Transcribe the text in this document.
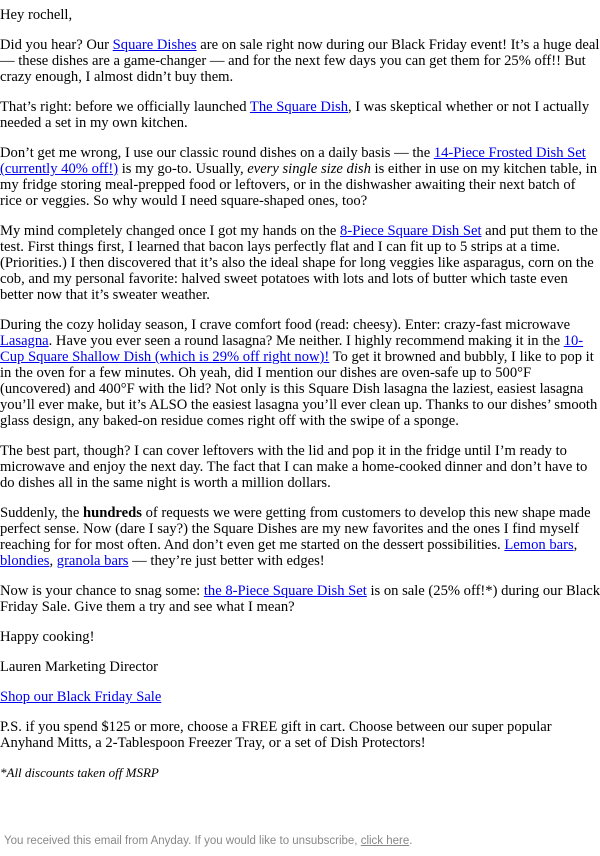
Hey rochell,

Did you hear? Our Square Dishes are on sale right now during our Black Friday event! It’s a huge deal — these dishes are a game-changer — and for the next few days you can get them for 25% off!! But crazy enough, I almost didn’t buy them.

That’s right: before we officially launched The Square Dish, I was skeptical whether or not I actually needed a set in my own kitchen.

Don’t get me wrong, I use our classic round dishes on a daily basis — the 14-Piece Frosted Dish Set (currently 40% off!) is my go-to. Usually, every single size dish is either in use on my kitchen table, in my fridge storing meal-prepped food or leftovers, or in the dishwasher awaiting their next batch of rice or veggies. So why would I need square-shaped ones, too?

My mind completely changed once I got my hands on the 8-Piece Square Dish Set and put them to the test. First things first, I learned that bacon lays perfectly flat and I can fit up to 5 strips at a time. (Priorities.) I then discovered that it’s also the ideal shape for long veggies like asparagus, corn on the cob, and my personal favorite: halved sweet potatoes with lots and lots of butter which taste even better now that it’s sweater weather.

During the cozy holiday season, I crave comfort food (read: cheesy). Enter: crazy-fast microwave Lasagna. Have you ever seen a round lasagna? Me neither. I highly recommend making it in the 10-Cup Square Shallow Dish (which is 29% off right now)! To get it browned and bubbly, I like to pop it in the oven for a few minutes. Oh yeah, did I mention our dishes are oven-safe up to 500°F (uncovered) and 400°F with the lid? Not only is this Square Dish lasagna the laziest, easiest lasagna you’ll ever make, but it’s ALSO the easiest lasagna you’ll ever clean up. Thanks to our dishes’ smooth glass design, any baked-on residue comes right off with the swipe of a sponge.

The best part, though? I can cover leftovers with the lid and pop it in the fridge until I’m ready to microwave and enjoy the next day. The fact that I can make a home-cooked dinner and don’t have to do dishes all in the same night is worth a million dollars.

Suddenly, the hundreds of requests we were getting from customers to develop this new shape made perfect sense. Now (dare I say?) the Square Dishes are my new favorites and the ones I find myself reaching for for most often. And don’t even get me started on the dessert possibilities. Lemon bars, blondies, granola bars — they’re just better with edges!

Now is your chance to snag some: the 8-Piece Square Dish Set is on sale (25% off!*) during our Black Friday Sale. Give them a try and see what I mean?

Happy cooking!

Lauren Marketing Director

Shop our Black Friday Sale

P.S. if you spend $125 or more, choose a FREE gift in cart. Choose between our super popular Anyhand Mitts, a 2-Tablespoon Freezer Tray, or a set of Dish Protectors!

*All discounts taken off MSRP

You received this email from Anyday. If you would like to unsubscribe, click here.
